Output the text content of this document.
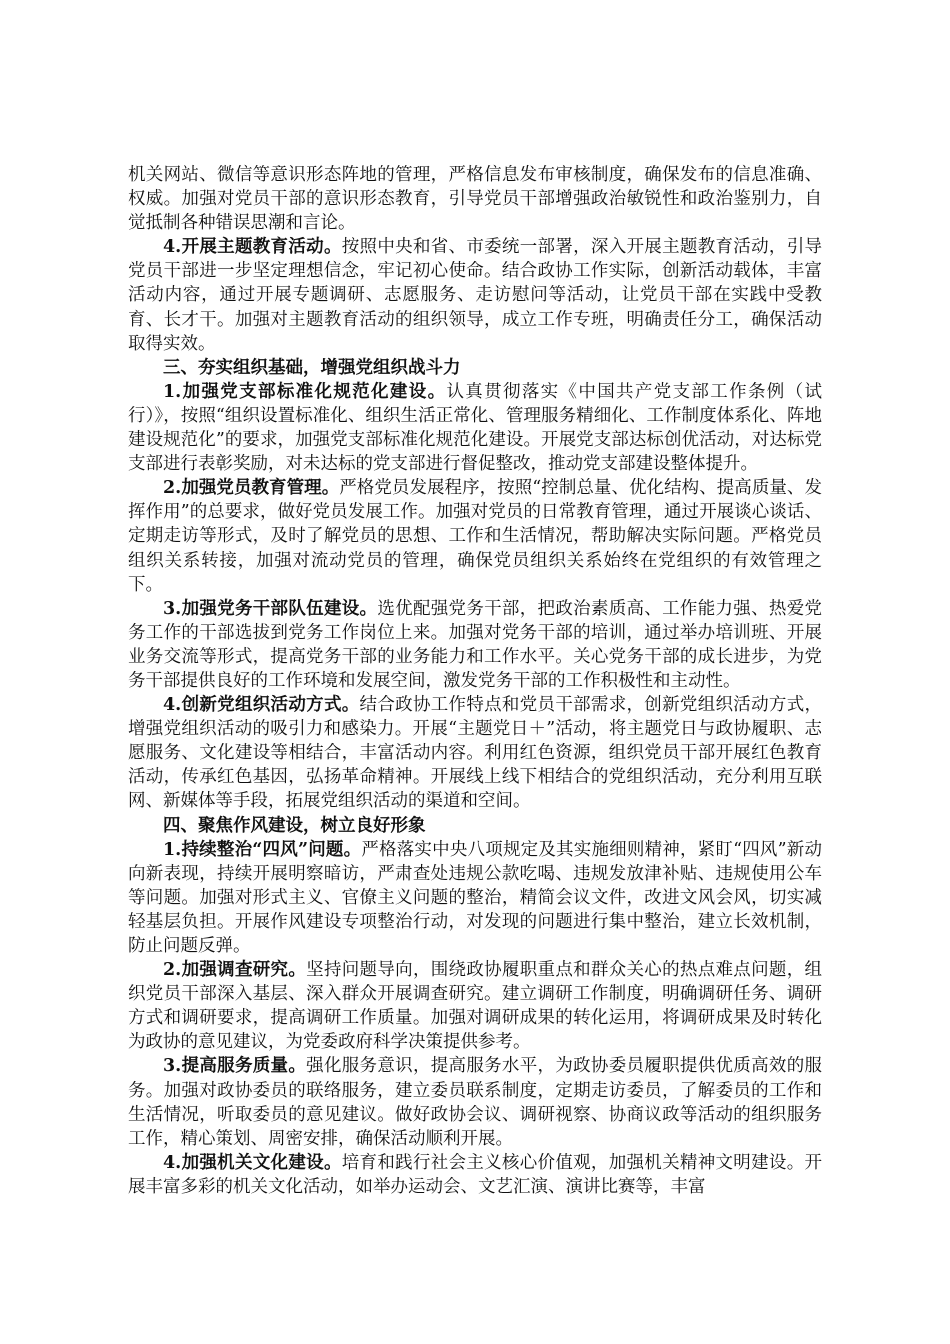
机关网站、微信等意识形态阵地的管理，严格信息发布审核制度，确保发布的信息准确、权威。加强对党员干部的意识形态教育，引导党员干部增强政治敏锐性和政治鉴别力，自觉抵制各种错误思潮和言论。

4.开展主题教育活动。按照中央和省、市委统一部署，深入开展主题教育活动，引导党员干部进一步坚定理想信念，牢记初心使命。结合政协工作实际，创新活动载体，丰富活动内容，通过开展专题调研、志愿服务、走访慰问等活动，让党员干部在实践中受教育、长才干。加强对主题教育活动的组织领导，成立工作专班，明确责任分工，确保活动取得实效。

三、夯实组织基础，增强党组织战斗力

1.加强党支部标准化规范化建设。认真贯彻落实《中国共产党支部工作条例（试行）》，按照“组织设置标准化、组织生活正常化、管理服务精细化、工作制度体系化、阵地建设规范化”的要求，加强党支部标准化规范化建设。开展党支部达标创优活动，对达标党支部进行表彰奖励，对未达标的党支部进行督促整改，推动党支部建设整体提升。

2.加强党员教育管理。严格党员发展程序，按照“控制总量、优化结构、提高质量、发挥作用”的总要求，做好党员发展工作。加强对党员的日常教育管理，通过开展谈心谈话、定期走访等形式，及时了解党员的思想、工作和生活情况，帮助解决实际问题。严格党员组织关系转接，加强对流动党员的管理，确保党员组织关系始终在党组织的有效管理之下。

3.加强党务干部队伍建设。选优配强党务干部，把政治素质高、工作能力强、热爱党务工作的干部选拔到党务工作岗位上来。加强对党务干部的培训，通过举办培训班、开展业务交流等形式，提高党务干部的业务能力和工作水平。关心党务干部的成长进步，为党务干部提供良好的工作环境和发展空间，激发党务干部的工作积极性和主动性。

4.创新党组织活动方式。结合政协工作特点和党员干部需求，创新党组织活动方式，增强党组织活动的吸引力和感染力。开展“主题党日＋”活动，将主题党日与政协履职、志愿服务、文化建设等相结合，丰富活动内容。利用红色资源，组织党员干部开展红色教育活动，传承红色基因，弘扬革命精神。开展线上线下相结合的党组织活动，充分利用互联网、新媒体等手段，拓展党组织活动的渠道和空间。

四、聚焦作风建设，树立良好形象

1.持续整治“四风”问题。严格落实中央八项规定及其实施细则精神，紧盯“四风”新动向新表现，持续开展明察暗访，严肃查处违规公款吃喝、违规发放津补贴、违规使用公车等问题。加强对形式主义、官僚主义问题的整治，精简会议文件，改进文风会风，切实减轻基层负担。开展作风建设专项整治行动，对发现的问题进行集中整治，建立长效机制，防止问题反弹。

2.加强调查研究。坚持问题导向，围绕政协履职重点和群众关心的热点难点问题，组织党员干部深入基层、深入群众开展调查研究。建立调研工作制度，明确调研任务、调研方式和调研要求，提高调研工作质量。加强对调研成果的转化运用，将调研成果及时转化为政协的意见建议，为党委政府科学决策提供参考。

3.提高服务质量。强化服务意识，提高服务水平，为政协委员履职提供优质高效的服务。加强对政协委员的联络服务，建立委员联系制度，定期走访委员，了解委员的工作和生活情况，听取委员的意见建议。做好政协会议、调研视察、协商议政等活动的组织服务工作，精心策划、周密安排，确保活动顺利开展。

4.加强机关文化建设。培育和践行社会主义核心价值观，加强机关精神文明建设。开展丰富多彩的机关文化活动，如举办运动会、文艺汇演、演讲比赛等，丰富
